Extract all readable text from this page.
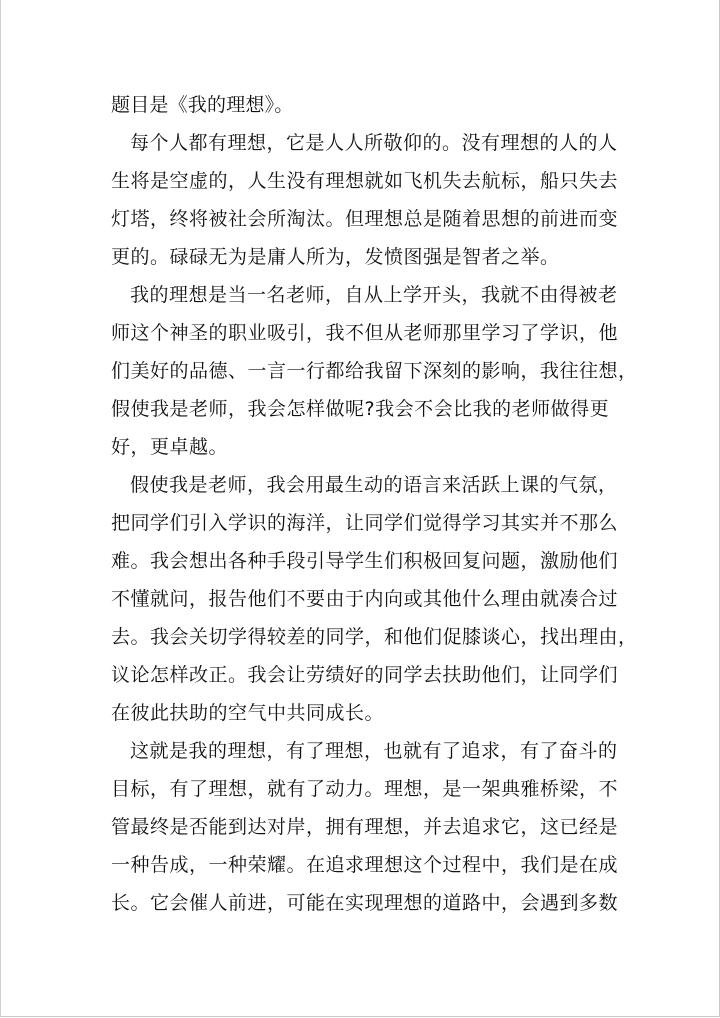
题目是《我的理想》。

每个人都有理想，它是人人所敬仰的。没有理想的人的人
生将是空虚的，人生没有理想就如飞机失去航标，船只失去
灯塔，终将被社会所淘汰。但理想总是随着思想的前进而变
更的。碌碌无为是庸人所为，发愤图强是智者之举。

我的理想是当一名老师，自从上学开头，我就不由得被老
师这个神圣的职业吸引，我不但从老师那里学习了学识，他
们美好的品德、一言一行都给我留下深刻的影响，我往往想，
假使我是老师，我会怎样做呢?我会不会比我的老师做得更
好，更卓越。

假使我是老师，我会用最生动的语言来活跃上课的气氛，
把同学们引入学识的海洋，让同学们觉得学习其实并不那么
难。我会想出各种手段引导学生们积极回复问题，激励他们
不懂就问，报告他们不要由于内向或其他什么理由就凑合过
去。我会关切学得较差的同学，和他们促膝谈心，找出理由，
议论怎样改正。我会让劳绩好的同学去扶助他们，让同学们
在彼此扶助的空气中共同成长。

这就是我的理想，有了理想，也就有了追求，有了奋斗的
目标，有了理想，就有了动力。理想，是一架典雅桥梁，不
管最终是否能到达对岸，拥有理想，并去追求它，这已经是
一种告成，一种荣耀。在追求理想这个过程中，我们是在成
长。它会催人前进，可能在实现理想的道路中，会遇到多数
